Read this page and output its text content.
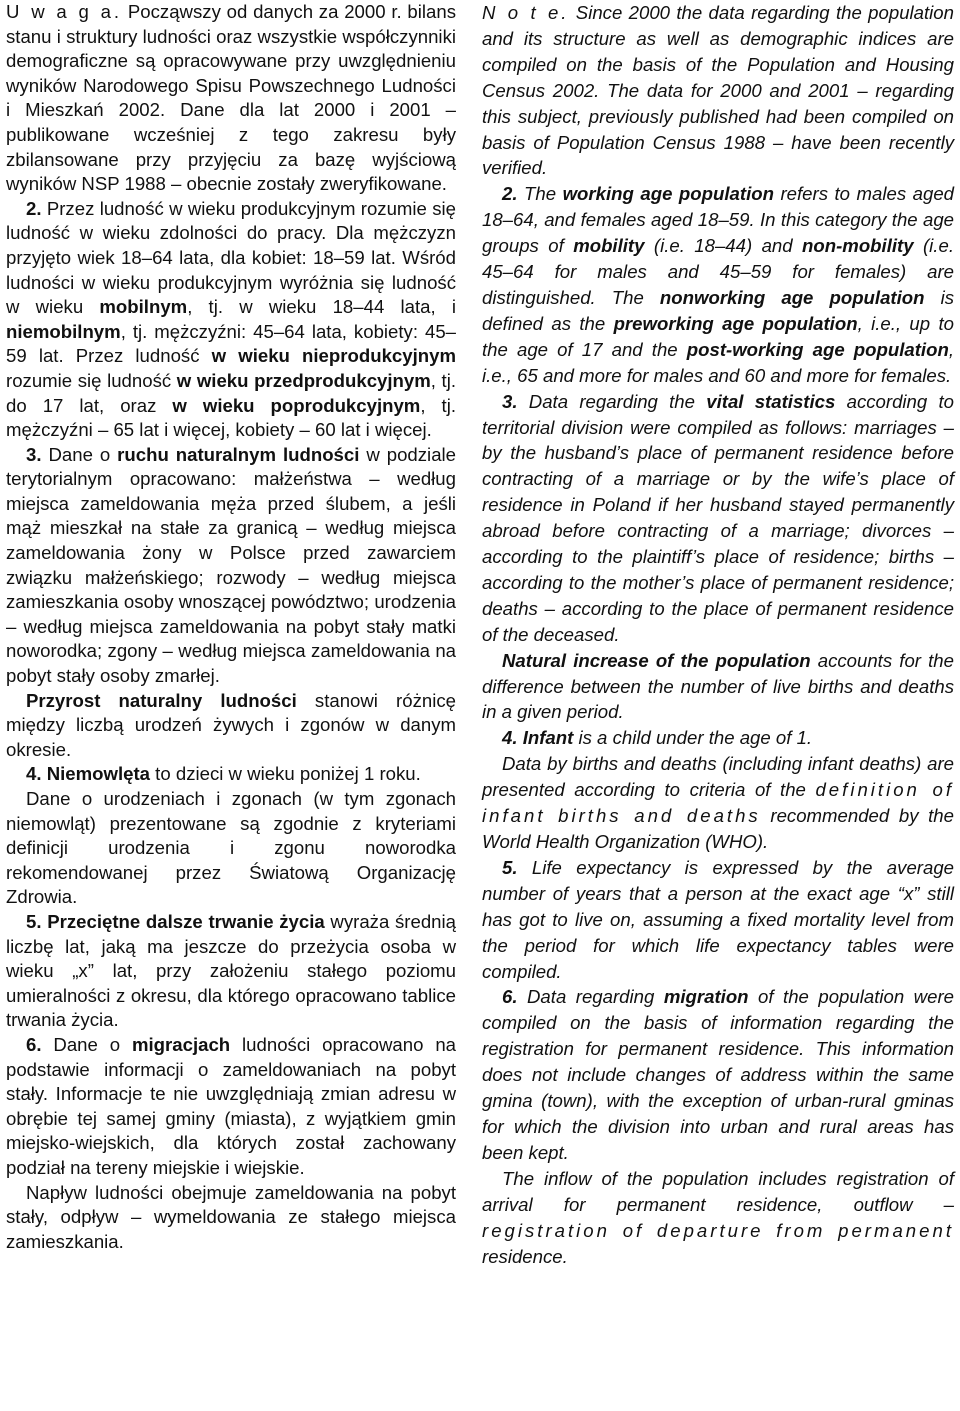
U w a g a. Począwszy od danych za 2000 r. bilans stanu i struktury ludności oraz wszystkie współczynniki demograficzne są opracowywane przy uwzględnieniu wyników Narodowego Spisu Powszechnego Ludności i Mieszkań 2002. Dane dla lat 2000 i 2001 – publikowane wcześniej z tego zakresu były zbilansowane przy przyjęciu za bazę wyjściową wyników NSP 1988 – obecnie zostały zweryfikowane.

2. Przez ludność w wieku produkcyjnym rozumie się ludność w wieku zdolności do pracy. Dla mężczyzn przyjęto wiek 18–64 lata, dla kobiet: 18–59 lat. Wśród ludności w wieku produkcyjnym wyróżnia się ludność w wieku mobilnym, tj. w wieku 18–44 lata, i niemobilnym, tj. mężczyźni: 45–64 lata, kobiety: 45–59 lat. Przez ludność w wieku nieprodukcyjnym rozumie się ludność w wieku przedprodukcyjnym, tj. do 17 lat, oraz w wieku poprodukcyjnym, tj. mężczyźni – 65 lat i więcej, kobiety – 60 lat i więcej.

3. Dane o ruchu naturalnym ludności w podziale terytorialnym opracowano: małżeństwa – według miejsca zameldowania męża przed ślubem, a jeśli mąż mieszkał na stałe za granicą – według miejsca zameldowania żony w Polsce przed zawarciem związku małżeńskiego; rozwody – według miejsca zamieszkania osoby wnoszącej powództwo; urodzenia – według miejsca zameldowania na pobyt stały matki noworodka; zgony – według miejsca zameldowania na pobyt stały osoby zmarłej.

Przyrost naturalny ludności stanowi różnicę między liczbą urodzeń żywych i zgonów w danym okresie.

4. Niemowlęta to dzieci w wieku poniżej 1 roku.

Dane o urodzeniach i zgonach (w tym zgonach niemowląt) prezentowane są zgodnie z kryteriami definicji urodzenia i zgonu noworodka rekomendowanej przez Światową Organizację Zdrowia.

5. Przeciętne dalsze trwanie życia wyraża średnią liczbę lat, jaką ma jeszcze do przeżycia osoba w wieku „x” lat, przy założeniu stałego poziomu umieralności z okresu, dla którego opracowano tablice trwania życia.

6. Dane o migracjach ludności opracowano na podstawie informacji o zameldowaniach na pobyt stały. Informacje te nie uwzględniają zmian adresu w obrębie tej samej gminy (miasta), z wyjątkiem gmin miejsko-wiejskich, dla których został zachowany podział na tereny miejskie i wiejskie.

Napływ ludności obejmuje zameldowania na pobyt stały, odpływ – wymeldowania ze stałego miejsca zamieszkania.

N o t e. Since 2000 the data regarding the population and its structure as well as demographic indices are compiled on the basis of the Population and Housing Census 2002. The data for 2000 and 2001 – regarding this subject, previously published had been compiled on basis of Population Census 1988 – have been recently verified.

2. The working age population refers to males aged 18–64, and females aged 18–59. In this category the age groups of mobility (i.e. 18–44) and non-mobility (i.e. 45–64 for males and 45–59 for females) are distinguished. The nonworking age population is defined as the preworking age population, i.e., up to the age of 17 and the post-working age population, i.e., 65 and more for males and 60 and more for females.

3. Data regarding the vital statistics according to territorial division were compiled as follows: marriages – by the husband’s place of permanent residence before contracting of a marriage or by the wife’s place of residence in Poland if her husband stayed permanently abroad before contracting of a marriage; divorces – according to the plaintiff’s place of residence; births – according to the mother’s place of permanent residence; deaths – according to the place of permanent residence of the deceased.

Natural increase of the population accounts for the difference between the number of live births and deaths in a given period.

4. Infant is a child under the age of 1.

Data by births and deaths (including infant deaths) are presented according to criteria of the definition of infant births and deaths recommended by the World Health Organization (WHO).

5. Life expectancy is expressed by the average number of years that a person at the exact age “x” still has got to live on, assuming a fixed mortality level from the period for which life expectancy tables were compiled.

6. Data regarding migration of the population were compiled on the basis of information regarding the registration for permanent residence. This information does not include changes of address within the same gmina (town), with the exception of urban-rural gminas for which the division into urban and rural areas has been kept.

The inflow of the population includes registration of arrival for permanent residence, outflow – registration of departure from permanent residence.
